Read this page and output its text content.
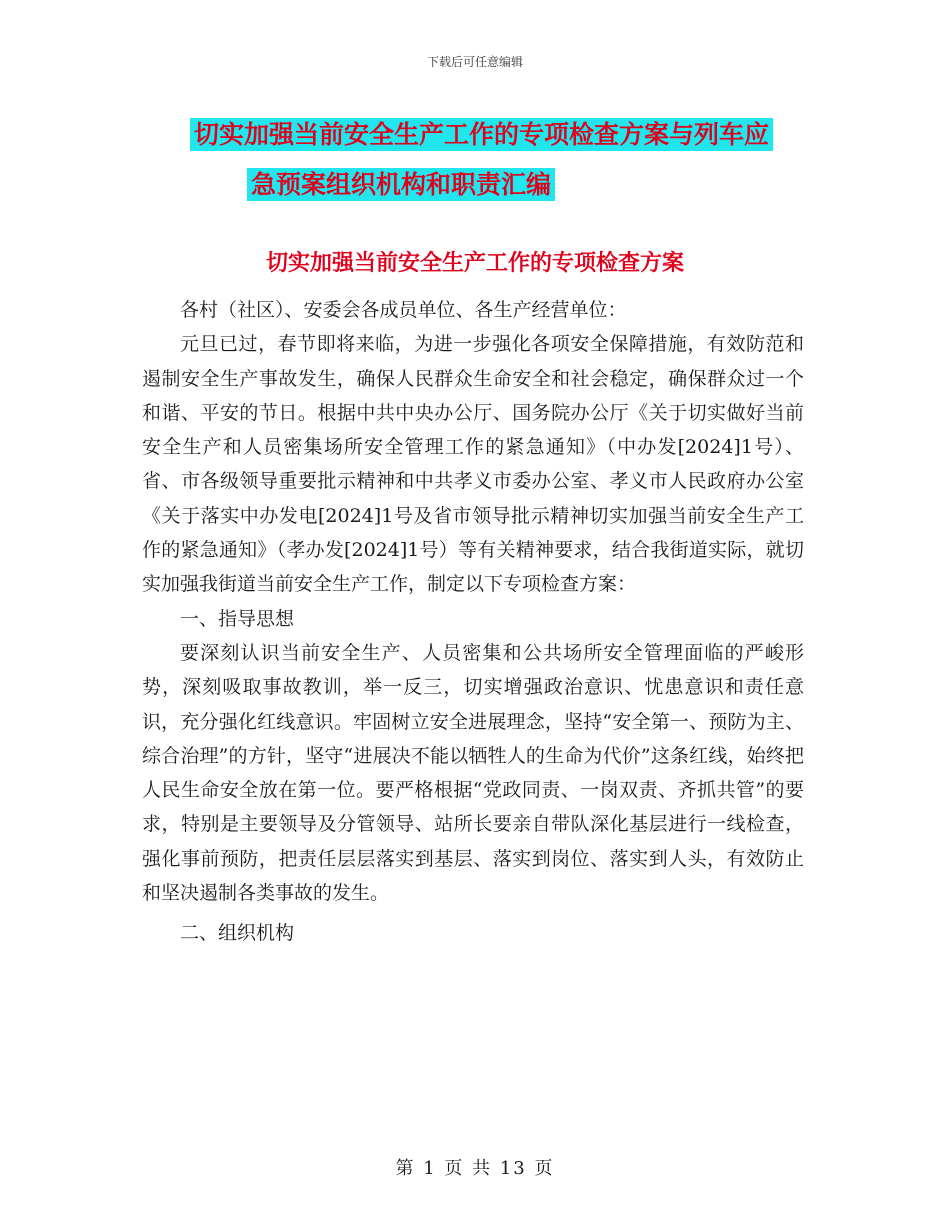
下载后可任意编辑
切实加强当前安全生产工作的专项检查方案与列车应
急预案组织机构和职责汇编
切实加强当前安全生产工作的专项检查方案

各村（社区）、安委会各成员单位、各生产经营单位：

元旦已过，春节即将来临，为进一步强化各项安全保障措施，有效防范和遏制安全生产事故发生，确保人民群众生命安全和社会稳定，确保群众过一个和谐、平安的节日。根据中共中央办公厅、国务院办公厅《关于切实做好当前安全生产和人员密集场所安全管理工作的紧急通知》（中办发[2024]1号）、省、市各级领导重要批示精神和中共孝义市委办公室、孝义市人民政府办公室《关于落实中办发电[2024]1号及省市领导批示精神切实加强当前安全生产工作的紧急通知》（孝办发[2024]1号）等有关精神要求，结合我街道实际，就切实加强我街道当前安全生产工作，制定以下专项检查方案：

一、指导思想

要深刻认识当前安全生产、人员密集和公共场所安全管理面临的严峻形势，深刻吸取事故教训，举一反三，切实增强政治意识、忧患意识和责任意识，充分强化红线意识。牢固树立安全进展理念，坚持“安全第一、预防为主、综合治理”的方针，坚守“进展决不能以牺牲人的生命为代价”这条红线，始终把人民生命安全放在第一位。要严格根据“党政同责、一岗双责、齐抓共管”的要求，特别是主要领导及分管领导、站所长要亲自带队深化基层进行一线检查，强化事前预防，把责任层层落实到基层、落实到岗位、落实到人头，有效防止和坚决遏制各类事故的发生。

二、组织机构

第 1 页 共 13 页
